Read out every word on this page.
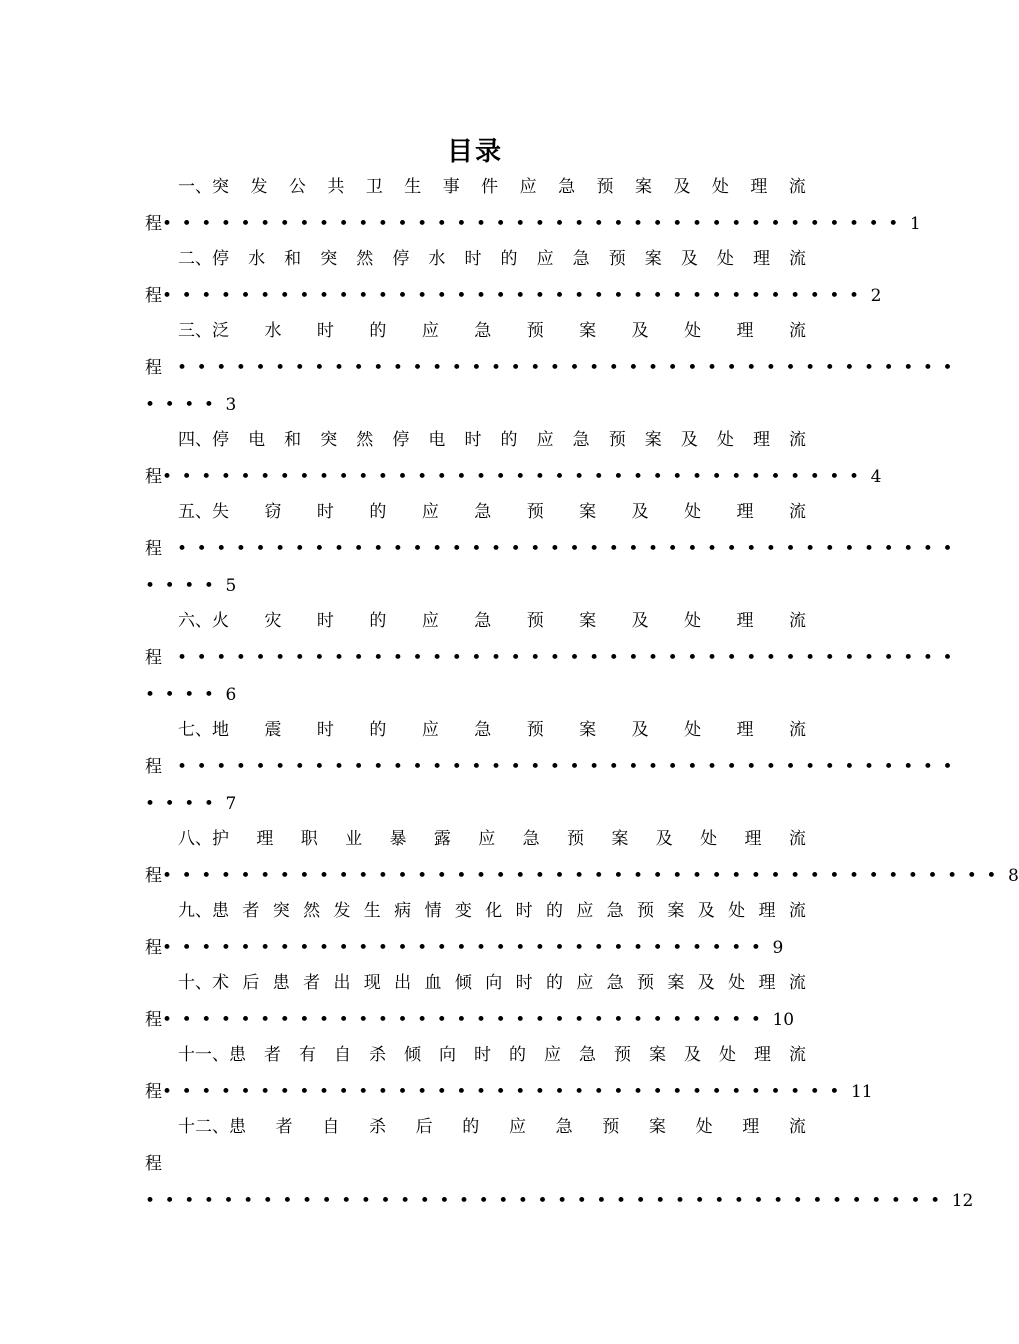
目录
一、突 发 公 共 卫 生 事 件 应 急 预 案 及 处 理 流
程•••••••••••••••••••••••••••••••••••••• 1
二、停 水 和 突 然 停 水 时 的 应 急 预 案 及 处 理 流
程•••••••••••••••••••••••••••••••••••• 2
三、泛 水 时 的 应 急 预 案 及 处 理 流
程 ••••••••••••••••••••••••••••••••••••••••
•••• 3
四、停 电 和 突 然 停 电 时 的 应 急 预 案 及 处 理 流
程•••••••••••••••••••••••••••••••••••• 4
五、失 窃 时 的 应 急 预 案 及 处 理 流
程 ••••••••••••••••••••••••••••••••••••••••
•••• 5
六、火 灾 时 的 应 急 预 案 及 处 理 流
程 ••••••••••••••••••••••••••••••••••••••••
•••• 6
七、地 震 时 的 应 急 预 案 及 处 理 流
程 ••••••••••••••••••••••••••••••••••••••••
•••• 7
八、护 理 职 业 暴 露 应 急 预 案 及 处 理 流
程••••••••••••••••••••••••••••••••••••••••••• 8
九、患 者 突 然 发 生 病 情 变 化 时 的 应 急 预 案 及 处 理 流
程••••••••••••••••••••••••••••••• 9
十、术 后 患 者 出 现 出 血 倾 向 时 的 应 急 预 案 及 处 理 流
程••••••••••••••••••••••••••••••• 10
十一、患 者 有 自 杀 倾 向 时 的 应 急 预 案 及 处 理 流
程••••••••••••••••••••••••••••••••••• 11
十二、患 者 自 杀 后 的 应 急 预 案 处 理 流
程
••••••••••••••••••••••••••••••••••••••••• 12
